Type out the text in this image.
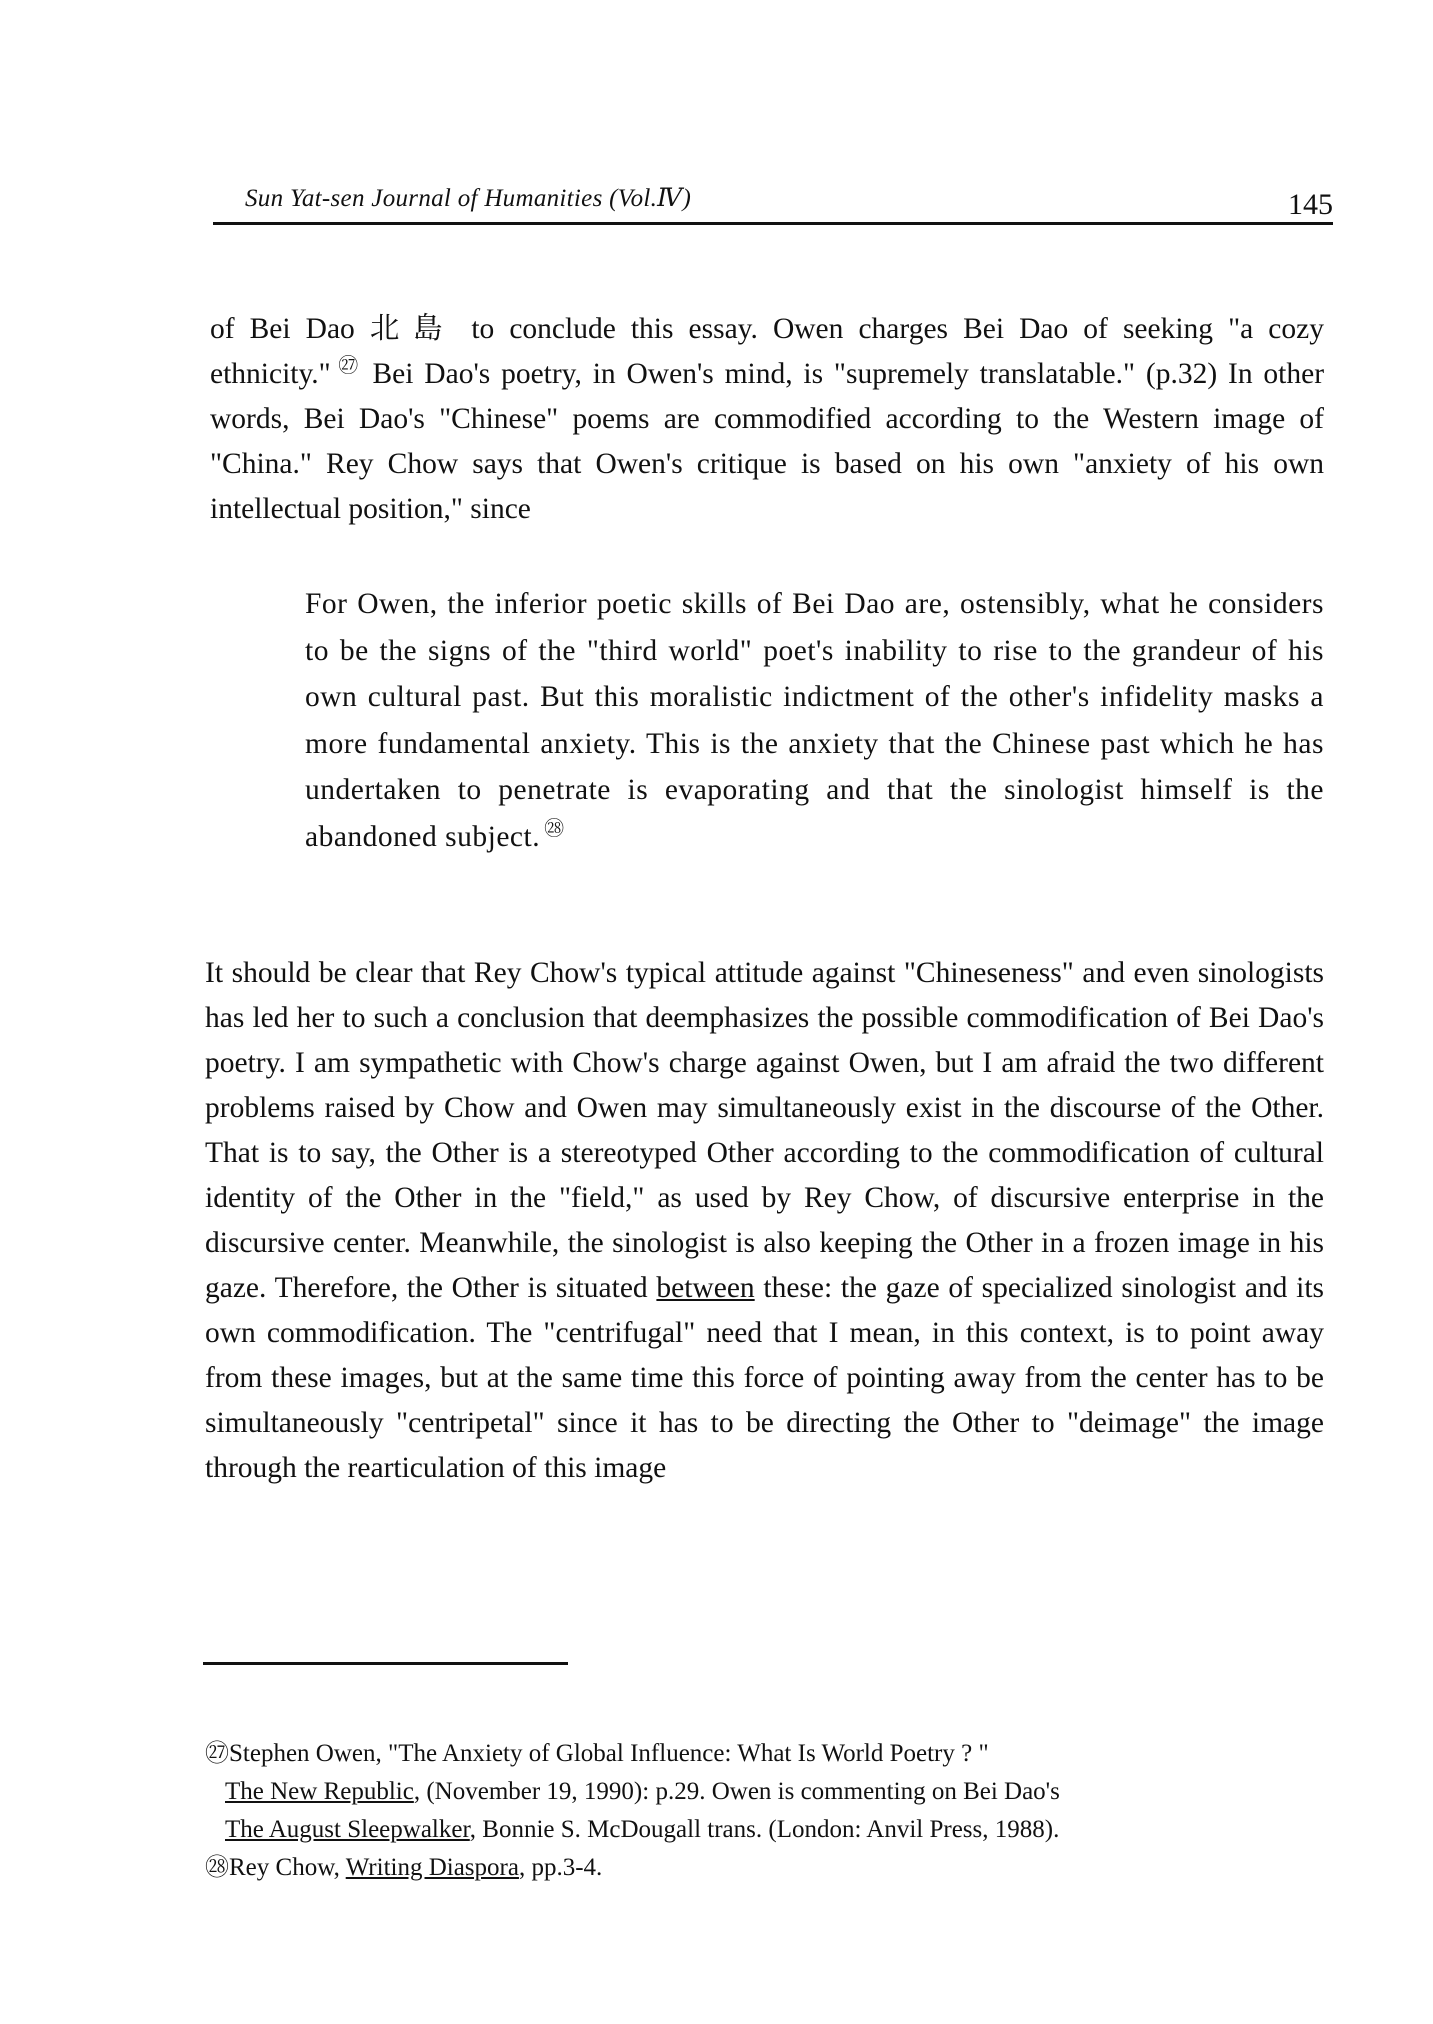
Sun Yat-sen Journal of Humanities (Vol.Ⅳ)	145

of Bei Dao 北島 to conclude this essay. Owen charges Bei Dao of seeking "a cozy ethnicity." $^㉗$ Bei Dao's poetry, in Owen's mind, is "supremely translatable." (p.32) In other words, Bei Dao's "Chinese" poems are commodified according to the Western image of "China." Rey Chow says that Owen's critique is based on his own "anxiety of his own intellectual position," since

For Owen, the inferior poetic skills of Bei Dao are, ostensibly, what he considers to be the signs of the "third world" poet's inability to rise to the grandeur of his own cultural past. But this moralistic indictment of the other's infidelity masks a more fundamental anxiety. This is the anxiety that the Chinese past which he has undertaken to penetrate is evaporating and that the sinologist himself is the abandoned subject. $^㉘$

It should be clear that Rey Chow's typical attitude against "Chineseness" and even sinologists has led her to such a conclusion that deemphasizes the possible commodification of Bei Dao's poetry. I am sympathetic with Chow's charge against Owen, but I am afraid the two different problems raised by Chow and Owen may simultaneously exist in the discourse of the Other. That is to say, the Other is a stereotyped Other according to the commodification of cultural identity of the Other in the "field," as used by Rey Chow, of discursive enterprise in the discursive center. Meanwhile, the sinologist is also keeping the Other in a frozen image in his gaze. Therefore, the Other is situated between these: the gaze of specialized sinologist and its own commodification. The "centrifugal" need that I mean, in this context, is to point away from these images, but at the same time this force of pointing away from the center has to be simultaneously "centripetal" since it has to be directing the Other to "deimage" the image through the rearticulation of this image

㉗Stephen Owen, "The Anxiety of Global Influence: What Is World Poetry ? "

The New Republic, (November 19, 1990): p.29. Owen is commenting on Bei Dao's
The August Sleepwalker, Bonnie S. McDougall trans. (London: Anvil Press, 1988).

㉘Rey Chow, Writing Diaspora, pp.3-4.
